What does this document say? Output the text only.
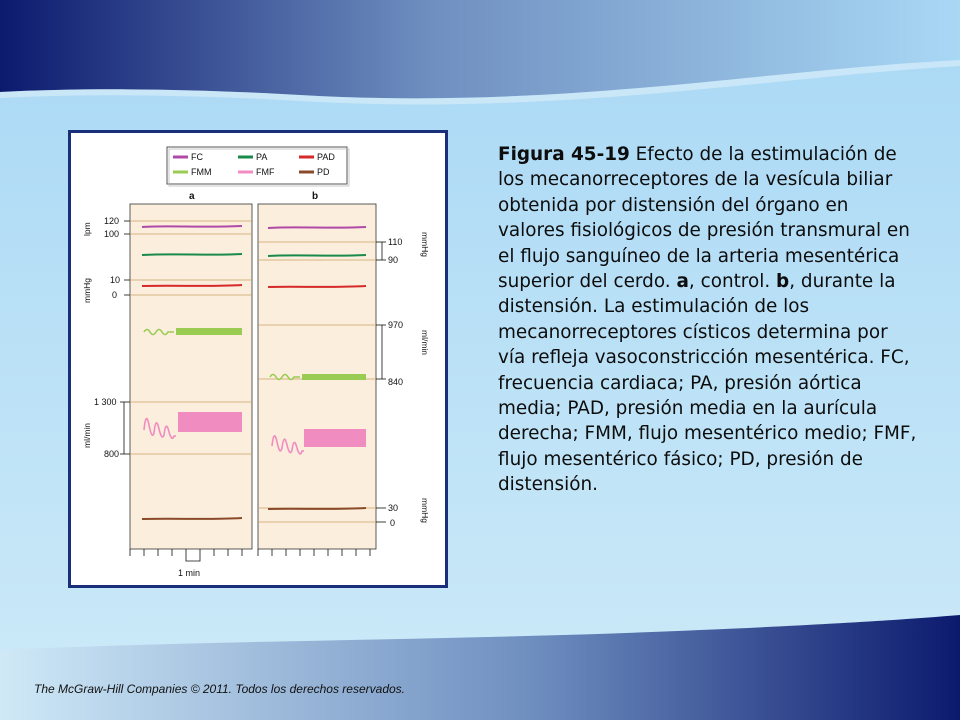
FC	PA	PAD
FMM	FMF	PD
a	b
lpm
120
100
mmHg 10
0
ml/min
1 300
800
110
90
mmHg
970
840
ml/min
30
0	mmHg
1 min

Figura 45-19 Efecto de la estimulación de los mecanorreceptores de la vesícula biliar obtenida por distensión del órgano en valores fisiológicos de presión transmural en el flujo sanguíneo de la arteria mesentérica superior del cerdo. a, control. b, durante la distensión. La estimulación de los mecanorreceptores císticos determina por vía refleja vasoconstricción mesentérica. FC, frecuencia cardiaca; PA, presión aórtica media; PAD, presión media en la aurícula derecha; FMM, flujo mesentérico medio; FMF, flujo mesentérico fásico; PD, presión de distensión.

The McGraw-Hill Companies © 2011. Todos los derechos reservados.
